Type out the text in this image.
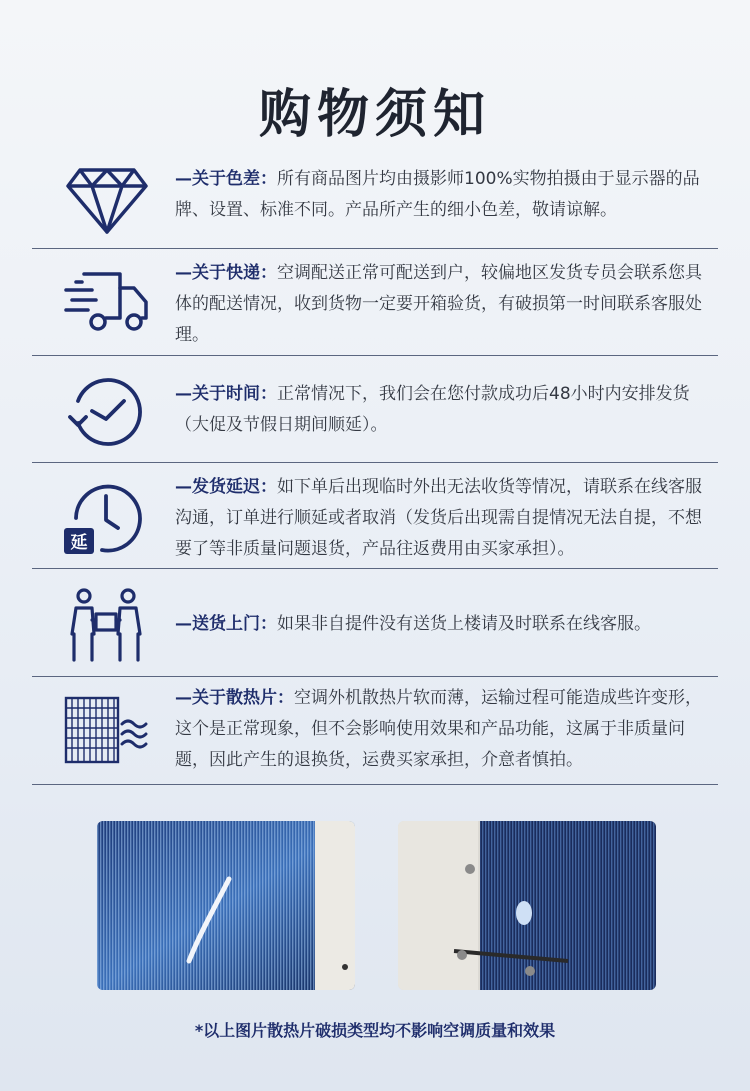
购物须知
—关于色差：所有商品图片均由摄影师100%实物拍摄由于显示器的品牌、设置、标准不同。产品所产生的细小色差，敬请谅解。
—关于快递：空调配送正常可配送到户，较偏地区发货专员会联系您具体的配送情况，收到货物一定要开箱验货，有破损第一时间联系客服处理。
—关于时间：正常情况下，我们会在您付款成功后48小时内安排发货（大促及节假日期间顺延）。
延
—发货延迟：如下单后出现临时外出无法收货等情况，请联系在线客服沟通，订单进行顺延或者取消（发货后出现需自提情况无法自提，不想要了等非质量问题退货，产品往返费用由买家承担）。
—送货上门：如果非自提件没有送货上楼请及时联系在线客服。
—关于散热片：空调外机散热片软而薄，运输过程可能造成些许变形，这个是正常现象，但不会影响使用效果和产品功能，这属于非质量问题，因此产生的退换货，运费买家承担，介意者慎拍。
*以上图片散热片破损类型均不影响空调质量和效果
